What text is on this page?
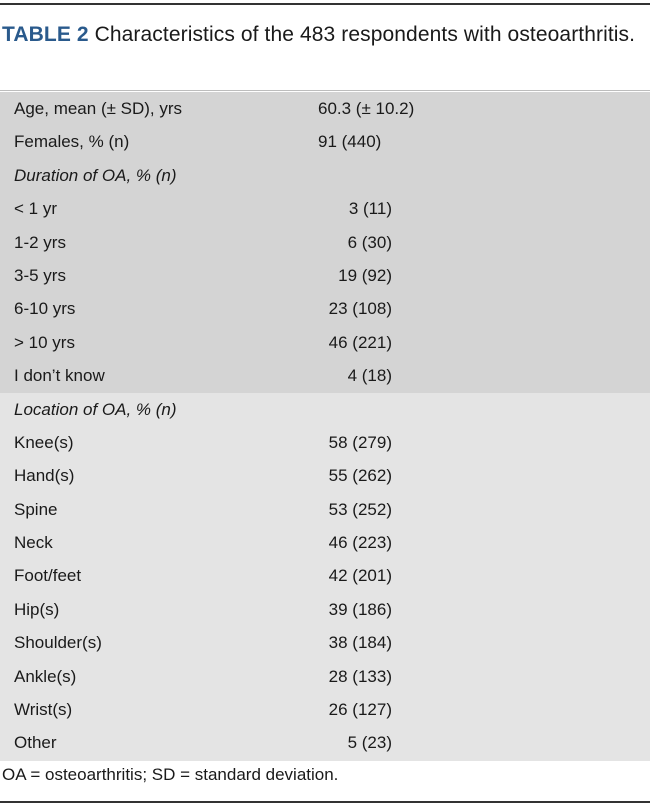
TABLE 2 Characteristics of the 483 respondents with osteoarthritis.
Age, mean (± SD), yrs	60.3 (± 10.2)
Females, % (n)	91 (440)
Duration of OA, % (n)
< 1 yr	3 (11)
1-2 yrs	6 (30)
3-5 yrs	19 (92)
6-10 yrs	23 (108)
> 10 yrs	46 (221)
I don’t know	4 (18)
Location of OA, % (n)
Knee(s)	58 (279)
Hand(s)	55 (262)
Spine	53 (252)
Neck	46 (223)
Foot/feet	42 (201)
Hip(s)	39 (186)
Shoulder(s)	38 (184)
Ankle(s)	28 (133)
Wrist(s)	26 (127)
Other	5 (23)
OA = osteoarthritis; SD = standard deviation.
